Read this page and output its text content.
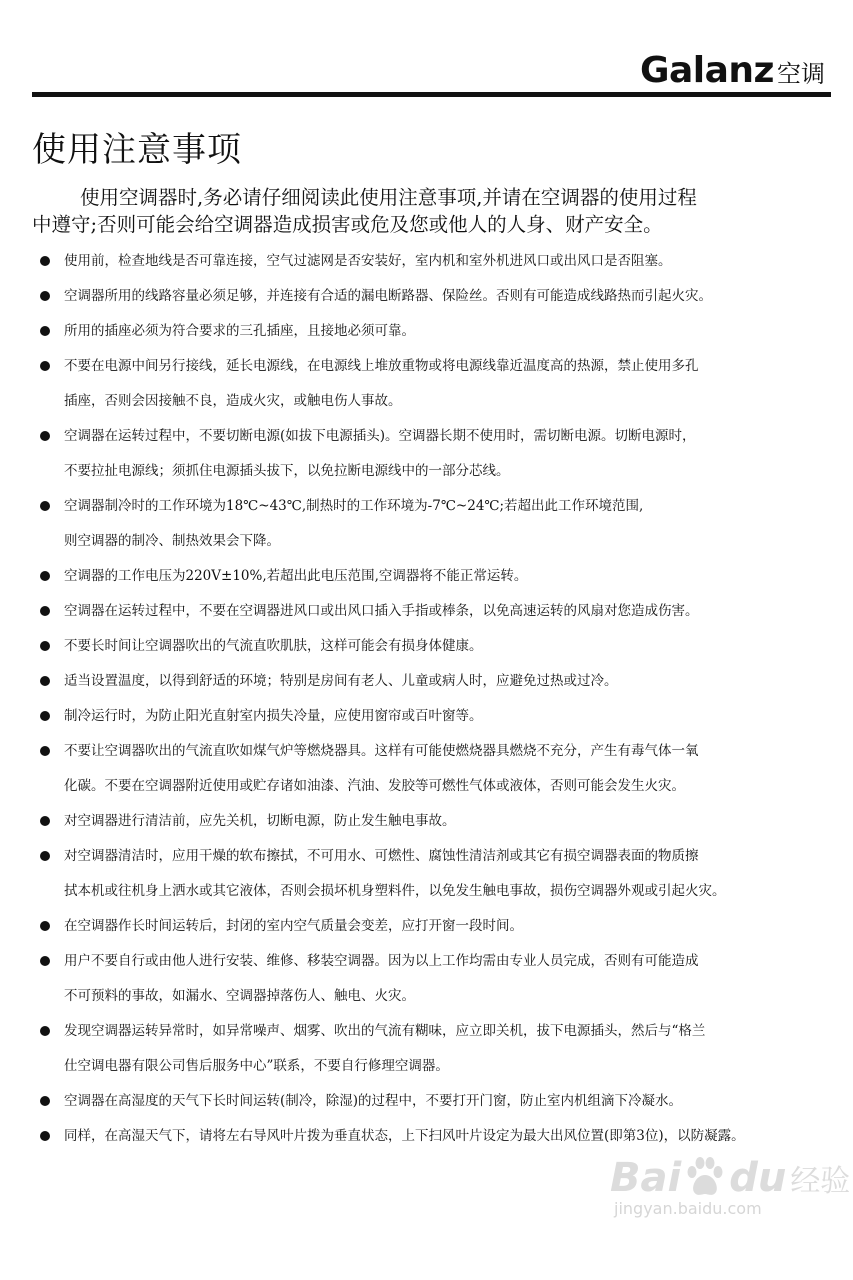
Galanz 空调
使用注意事项
使用空调器时,务必请仔细阅读此使用注意事项,并请在空调器的使用过程
中遵守;否则可能会给空调器造成损害或危及您或他人的人身、财产安全。
使用前，检查地线是否可靠连接，空气过滤网是否安装好，室内机和室外机进风口或出风口是否阻塞。
空调器所用的线路容量必须足够，并连接有合适的漏电断路器、保险丝。否则有可能造成线路热而引起火灾。
所用的插座必须为符合要求的三孔插座，且接地必须可靠。
不要在电源中间另行接线，延长电源线，在电源线上堆放重物或将电源线靠近温度高的热源，禁止使用多孔
插座，否则会因接触不良，造成火灾，或触电伤人事故。
空调器在运转过程中，不要切断电源(如拔下电源插头)。空调器长期不使用时，需切断电源。切断电源时，
不要拉扯电源线；须抓住电源插头拔下，以免拉断电源线中的一部分芯线。
空调器制冷时的工作环境为18℃~43℃,制热时的工作环境为-7℃~24℃;若超出此工作环境范围,
则空调器的制冷、制热效果会下降。
空调器的工作电压为220V±10%,若超出此电压范围,空调器将不能正常运转。
空调器在运转过程中，不要在空调器进风口或出风口插入手指或棒条，以免高速运转的风扇对您造成伤害。
不要长时间让空调器吹出的气流直吹肌肤，这样可能会有损身体健康。
适当设置温度，以得到舒适的环境；特别是房间有老人、儿童或病人时，应避免过热或过冷。
制冷运行时，为防止阳光直射室内损失冷量，应使用窗帘或百叶窗等。
不要让空调器吹出的气流直吹如煤气炉等燃烧器具。这样有可能使燃烧器具燃烧不充分，产生有毒气体一氧
化碳。不要在空调器附近使用或贮存诸如油漆、汽油、发胶等可燃性气体或液体，否则可能会发生火灾。
对空调器进行清洁前，应先关机，切断电源，防止发生触电事故。
对空调器清洁时，应用干燥的软布擦拭，不可用水、可燃性、腐蚀性清洁剂或其它有损空调器表面的物质擦
拭本机或往机身上洒水或其它液体，否则会损坏机身塑料件，以免发生触电事故，损伤空调器外观或引起火灾。
在空调器作长时间运转后，封闭的室内空气质量会变差，应打开窗一段时间。
用户不要自行或由他人进行安装、维修、移装空调器。因为以上工作均需由专业人员完成，否则有可能造成
不可预料的事故，如漏水、空调器掉落伤人、触电、火灾。
发现空调器运转异常时，如异常噪声、烟雾、吹出的气流有糊味，应立即关机，拔下电源插头，然后与“格兰
仕空调电器有限公司售后服务中心”联系，不要自行修理空调器。
空调器在高湿度的天气下长时间运转(制冷，除湿)的过程中，不要打开门窗，防止室内机组滴下冷凝水。
同样，在高湿天气下，请将左右导风叶片拨为垂直状态，上下扫风叶片设定为最大出风位置(即第3位)，以防凝露。
Bai du 经验
jingyan.baidu.com
